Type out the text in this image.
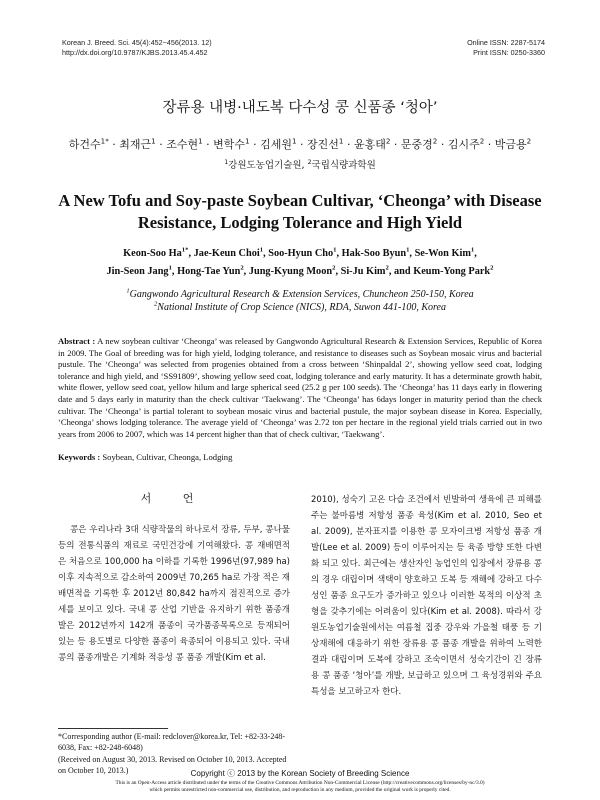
Korean J. Breed. Sci. 45(4):452~456(2013. 12)
http://dx.doi.org/10.9787/KJBS.2013.45.4.452
Online ISSN: 2287-5174
Print ISSN: 0250-3360
장류용 내병·내도복 다수성 콩 신품종 ‘청아’
하건수$^{1*}$ · 최재근$^1$ · 조수현$^1$ · 변학수$^1$ · 김세원$^1$ · 장진선$^1$ · 윤홍태$^2$ · 문중경$^2$ · 김시주$^2$ · 박금용$^2$
$^1$강원도농업기술원, $^2$국립식량과학원
A New Tofu and Soy-paste Soybean Cultivar, ‘Cheonga’ with Disease
Resistance, Lodging Tolerance and High Yield
Keon-Soo $Ha^{1*}$, Jae-Keun Choi$^1$, Soo-Hyun Cho$^1$, Hak-Soo Byun$^1$, Se-Won Kim$^1$,
Jin-Seon Jang$^1$, Hong-Tae Yun$^2$, Jung-Kyung Moon$^2$, Si-Ju Kim$^2$, and Keum-Yong Park$^2$
$^1$Gangwondo Agricultural Research & Extension Services, Chuncheon 250-150, Korea
$^2$National Institute of Crop Science (NICS), RDA, Suwon 441-100, Korea
Abstract : A new soybean cultivar ‘Cheonga’ was released by Gangwondo Agricultural Research & Extension Services, Republic of Korea in 2009. The Goal of breeding was for high yield, lodging tolerance, and resistance to diseases such as Soybean mosaic virus and bacterial pustule. The ‘Cheonga’ was selected from progenies obtained from a cross between ‘Shinpaldal 2’, showing yellow seed coat, lodging tolerance and high yield, and ‘SS91809’, showing yellow seed coat, lodging tolerance and early maturity. It has a determinate growth habit, white flower, yellow seed coat, yellow hilum and large spherical seed (25.2 g per 100 seeds). The ‘Cheonga’ has 11 days early in flowering date and 5 days early in maturity than the check cultivar ‘Taekwang’. The ‘Cheonga’ has 6days longer in maturity period than the check cultivar. The ‘Cheonga’ is partial tolerant to soybean mosaic virus and bacterial pustule, the major soybean disease in Korea. Especially, ‘Cheonga’ shows lodging tolerance. The average yield of ‘Cheonga’ was 2.72 ton per hectare in the regional yield trials carried out in two years from 2006 to 2007, which was 14 percent higher than that of check cultivar, ‘Taekwang’.
Keywords : Soybean, Cultivar, Cheonga, Lodging
서 언

콩은 우리나라 3대 식량작물의 하나로서 장류, 두부, 콩나물 등의 전통식품의 재료로 국민건강에 기여해왔다. 콩 재배면적은 처음으로 100,000 ha 이하를 기록한 1996년(97,989 ha) 이후 지속적으로 감소하여 2009년 70,265 ha로 가장 적은 재배면적을 기록한 후 2012년 80,842 ha까지 점진적으로 증가세를 보이고 있다. 국내 콩 산업 기반을 유지하기 위한 품종개발은 2012년까지 142개 품종이 국가품종목록으로 등재되어 있는 등 용도별로 다양한 품종이 육종되어 이용되고 있다. 국내 콩의 품종개발은 기계화 적응성 콩 품종 개발(Kim et al.

2010), 성숙기 고온 다습 조건에서 빈발하여 생육에 큰 피해를 주는 불마름병 저항성 품종 육성(Kim et al. 2010, Seo et al. 2009), 분자표지를 이용한 콩 모자이크병 저항성 품종 개발(Lee et al. 2009) 등이 이루어지는 등 육종 방향 또한 다변화 되고 있다. 최근에는 생산자인 농업인의 입장에서 장류용 콩의 경우 대립이며 색택이 양호하고 도복 등 재해에 강하고 다수성인 품종 요구도가 증가하고 있으나 이러한 목적의 이상적 초형을 갖추기에는 어려움이 있다(Kim et al. 2008). 따라서 강원도농업기술원에서는 여름철 집중 강우와 가을철 태풍 등 기상재해에 대응하기 위한 장류용 콩 품종 개발을 위하여 노력한 결과 대립이며 도복에 강하고 조숙이면서 성숙기간이 긴 장류용 콩 품종 ‘청아’를 개발, 보급하고 있으며 그 육성경위와 주요특성을 보고하고자 한다.

*Corresponding author (E-mail: redclover@korea.kr, Tel: +82-33-248-6038, Fax: +82-248-6048)
(Received on August 30, 2013. Revised on October 10, 2013. Accepted on October 10, 2013.)	Copyright ⓒ 2013 by the Korean Society of Breeding Science
This is an Open-Access article distributed under the terms of the Creative Commons Attribution Non-Commercial License (http://creativecommons.org/licenses/by-nc/3.0)
which permits unrestricted non-commercial use, distribution, and reproduction in any medium, provided the original work is properly cited.
